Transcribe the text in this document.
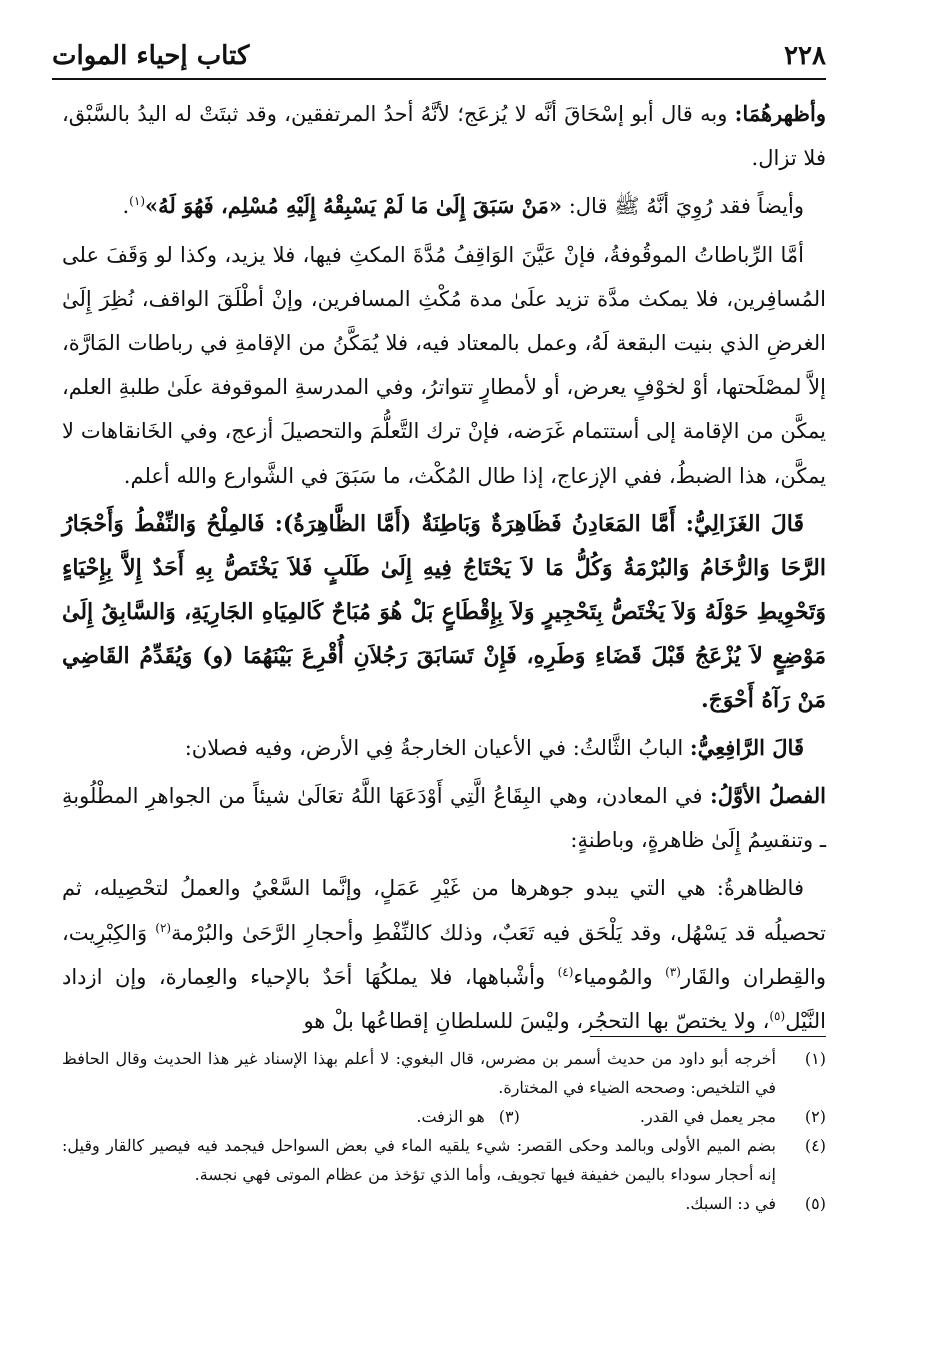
٢٢٨
كتاب إحياء الموات

وأظهرهُمَا: وبه قال أبو إسْحَاقَ أنَّه لا يُزعَج؛ لأنَّهُ أحدُ المرتفقين، وقد ثبتَتْ له اليدُ بالسَّبْق، فلا تزال.

وأيضاً فقد رُوِيَ أنَّهُ ﷺ قال: «مَنْ سَبَقَ إِلَىٰ مَا لَمْ يَسْبِقْهُ إِلَيْهِ مُسْلِم، فَهُوَ لَهُ»$^{(١)}$.

أمَّا الرِّباطاتُ الموقُوفةُ، فإنْ عَيَّنَ الوَاقِفُ مُدَّةَ المكثِ فيها، فلا يزيد، وكذا لو وَقَفَ على المُسافِرين، فلا يمكث مدَّة تزيد علَىٰ مدة مُكْثِ المسافرين، وإنْ أطْلَقَ الواقف، نُظِرَ إِلَىٰ الغرضِ الذي بنيت البقعة لَهُ، وعمل بالمعتاد فيه، فلا يُمَكَّنُ من الإقامةِ في رباطات المَارَّة، إلاَّ لمصْلَحتها، أوْ لخوْفٍ يعرض، أو لأمطارٍ تتواترُ، وفي المدرسةِ الموقوفة علَىٰ طلبةِ العلم، يمكَّن من الإقامة إلى أستتمام غَرَضه، فإنْ ترك التَّعلُّمَ والتحصيلَ أزعج، وفي الخَانقاهات لا يمكَّن، هذا الضبطُ، ففي الإزعاج، إذا طال المُكْث، ما سَبَقَ في الشَّوارع والله أعلم.

قَالَ الغَزَالِيُّ: أَمَّا المَعَادِنُ فَظَاهِرَةٌ وَبَاطِنَةٌ (أَمَّا الظَّاهِرَةُ): فَالمِلْحُ وَالنِّفْطُ وَأَحْجَارُ الرَّحَا وَالرُّخَامُ وَالبُرْمَةُ وَكُلُّ مَا لاَ يَحْتَاجُ فِيهِ إِلَىٰ طَلَبٍ فَلاَ يَخْتَصُّ بِهِ أَحَدٌ إِلاَّ بِإِحْيَاءٍ وَتَحْوِيطِ حَوْلَهُ وَلاَ يَخْتَصُّ بِتَحْجِيرٍ وَلاَ بِإِقْطَاعٍ بَلْ هُوَ مُبَاحٌ كَالمِيَاهِ الجَارِيَةِ، وَالسَّابِقُ إِلَىٰ مَوْضِعٍ لاَ يُزْعَجُ قَبْلَ قَضَاءِ وَطَرِهِ، فَإِنْ تَسَابَقَ رَجُلاَنِ أُقْرِعَ بَيْنَهُمَا (و) وَيُقَدِّمُ القَاضِي مَنْ رَآهُ أَحْوَجَ.

قَالَ الرَّافِعِيُّ: البابُ الثَّالثُ: في الأعيان الخارجةُ فِي الأرض، وفيه فصلان:

الفصلُ الأوَّلُ: في المعادن، وهي البِقَاعُ الَّتِي أَوْدَعَهَا اللَّهُ تعَالَىٰ شيئاً من الجواهرِ المطْلُوبةِ ـ وتنقسِمُ إِلَىٰ ظاهرةٍ، وباطنةٍ:

فالظاهرةُ: هي التي يبدو جوهرها من غَيْرِ عَمَلٍ، وإنَّما السَّعْيُ والعملُ لتحْصِيله، ثم تحصيلُه قد يَسْهُل، وقد يَلْحَق فيه تَعَبٌ، وذلك كالنِّفْطِ وأحجارِ الرَّحَىٰ والبُرْمة$^{(٢)}$ وَالكِبْرِيت، والقِطران والقَار$^{(٣)}$ والمُومياء$^{(٤)}$ وأشْباهها، فلا يملكُهَا أحَدٌ بالإحياء والعِمارة، وإن ازداد النَّيْل$^{(٥)}$، ولا يختصّ بها التحجُر، وليْسَ للسلطانِ إقطاعُها بلْ هو

(١)
أخرجه أبو داود من حديث أسمر بن مضرس، قال البغوي: لا أعلم بهذا الإسناد غير هذا الحديث وقال الحافظ في التلخيص: وصححه الضياء في المختارة.
(٢)
مجر يعمل في القدر.
(٣)
هو الزفت.
(٤)
بضم الميم الأولى وبالمد وحكى القصر: شيء يلقيه الماء في بعض السواحل فيجمد فيه فيصير كالقار وقيل: إنه أحجار سوداء باليمن خفيفة فيها تجويف، وأما الذي تؤخذ من عظام الموتى فهي نجسة.
(٥)
في د: السبك.
